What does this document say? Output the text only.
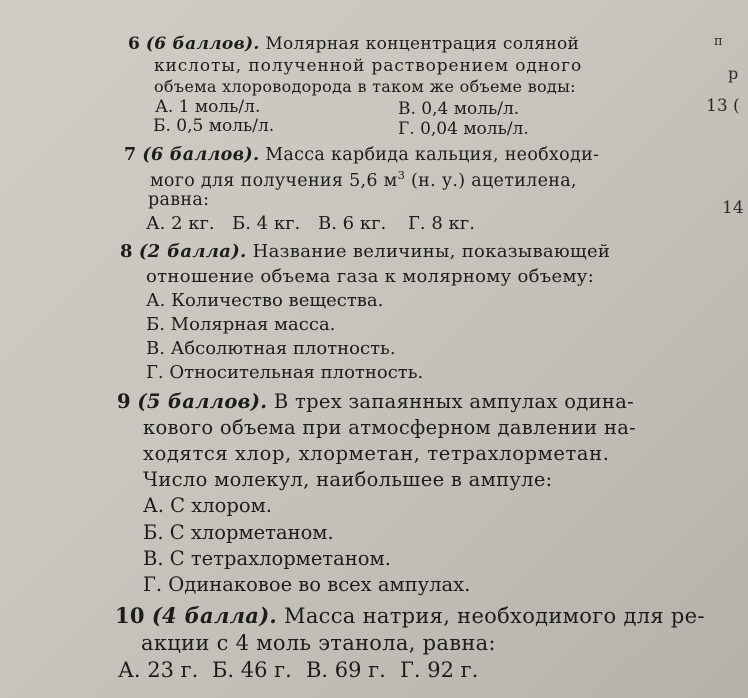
п
р
13 (
14
6 (6 баллов). Молярная концентрация соляной
кислоты, полученной растворением одного
объема хлороводорода в таком же объеме воды:
А. 1 моль/л.	В. 0,4 моль/л.
Б. 0,5 моль/л.	Г. 0,04 моль/л.
7 (6 баллов). Масса карбида кальция, необходи-
мого для получения 5,6 $м^3$ (н. у.) ацетилена,
равна:
А. 2 кг. Б. 4 кг. В. 6 кг. Г. 8 кг.
8 (2 балла). Название величины, показывающей
отношение объема газа к молярному объему:
А. Количество вещества.
Б. Молярная масса.
В. Абсолютная плотность.
Г. Относительная плотность.
9 (5 баллов). В трех запаянных ампулах одина-
кового объема при атмосферном давлении на-
ходятся хлор, хлорметан, тетрахлорметан.
Число молекул, наибольшее в ампуле:
А. С хлором.
Б. С хлорметаном.
В. С тетрахлорметаном.
Г. Одинаковое во всех ампулах.
10 (4 балла). Масса натрия, необходимого для ре-
акции с 4 моль этанола, равна:
А. 23 г. Б. 46 г. В. 69 г. Г. 92 г.
